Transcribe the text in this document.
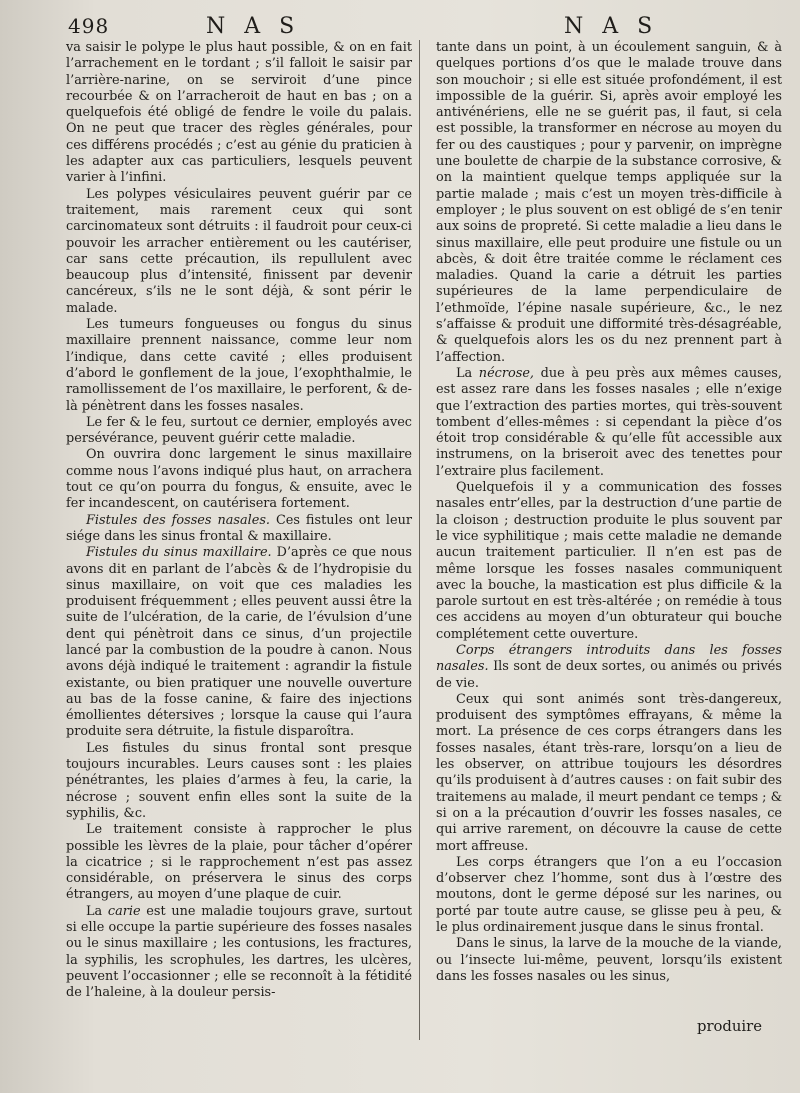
498	N A S	N A S

va saisir le polype le plus haut possible, & on en fait l’arrachement en le tordant ; s’il falloit le saisir par l’arrière-narine, on se serviroit d’une pince recourbée & on l’arracheroit de haut en bas ; on a quelquefois été obligé de fendre le voile du palais. On ne peut que tracer des règles générales, pour ces différens procédés ; c’est au génie du praticien à les adapter aux cas particuliers, lesquels peuvent varier à l’infini.

Les polypes vésiculaires peuvent guérir par ce traitement, mais rarement ceux qui sont carcinomateux sont détruits : il faudroit pour ceux-ci pouvoir les arracher entièrement ou les cautériser, car sans cette précaution, ils repullulent avec beaucoup plus d’intensité, finissent par devenir cancéreux, s’ils ne le sont déjà, & sont périr le malade.

Les tumeurs fongueuses ou fongus du sinus maxillaire prennent naissance, comme leur nom l’indique, dans cette cavité ; elles produisent d’abord le gonflement de la joue, l’exophthalmie, le ramollissement de l’os maxillaire, le perforent, & de-là pénètrent dans les fosses nasales.

Le fer & le feu, surtout ce dernier, employés avec persévérance, peuvent guérir cette maladie.

On ouvrira donc largement le sinus maxillaire comme nous l’avons indiqué plus haut, on arrachera tout ce qu’on pourra du fongus, & ensuite, avec le fer incandescent, on cautérisera fortement.

Fistules des fosses nasales. Ces fistules ont leur siége dans les sinus frontal & maxillaire.

Fistules du sinus maxillaire. D’après ce que nous avons dit en parlant de l’abcès & de l’hydropisie du sinus maxillaire, on voit que ces maladies les produisent fréquemment ; elles peuvent aussi être la suite de l’ulcération, de la carie, de l’évulsion d’une dent qui pénètroit dans ce sinus, d’un projectile lancé par la combustion de la poudre à canon. Nous avons déjà indiqué le traitement : agrandir la fistule existante, ou bien pratiquer une nouvelle ouverture au bas de la fosse canine, & faire des injections émollientes détersives ; lorsque la cause qui l’aura produite sera détruite, la fistule disparoîtra.

Les fistules du sinus frontal sont presque toujours incurables. Leurs causes sont : les plaies pénétrantes, les plaies d’armes à feu, la carie, la nécrose ; souvent enfin elles sont la suite de la syphilis, &c.

Le traitement consiste à rapprocher le plus possible les lèvres de la plaie, pour tâcher d’opérer la cicatrice ; si le rapprochement n’est pas assez considérable, on préservera le sinus des corps étrangers, au moyen d’une plaque de cuir.

La carie est une maladie toujours grave, surtout si elle occupe la partie supérieure des fosses nasales ou le sinus maxillaire ; les contusions, les fractures, la syphilis, les scrophules, les dartres, les ulcères, peuvent l’occasionner ; elle se reconnoît à la fétidité de l’haleine, à la douleur persis-

tante dans un point, à un écoulement sanguin, & à quelques portions d’os que le malade trouve dans son mouchoir ; si elle est située profondément, il est impossible de la guérir. Si, après avoir employé les antivénériens, elle ne se guérit pas, il faut, si cela est possible, la transformer en nécrose au moyen du fer ou des caustiques ; pour y parvenir, on imprègne une boulette de charpie de la substance corrosive, & on la maintient quelque temps appliquée sur la partie malade ; mais c’est un moyen très-difficile à employer ; le plus souvent on est obligé de s’en tenir aux soins de propreté. Si cette maladie a lieu dans le sinus maxillaire, elle peut produire une fistule ou un abcès, & doit être traitée comme le réclament ces maladies. Quand la carie a détruit les parties supérieures de la lame perpendiculaire de l’ethmoïde, l’épine nasale supérieure, &c., le nez s’affaisse & produit une difformité très-désagréable, & quelquefois alors les os du nez prennent part à l’affection.

La nécrose, due à peu près aux mêmes causes, est assez rare dans les fosses nasales ; elle n’exige que l’extraction des parties mortes, qui très-souvent tombent d’elles-mêmes : si cependant la pièce d’os étoit trop considérable & qu’elle fût accessible aux instrumens, on la briseroit avec des tenettes pour l’extraire plus facilement.

Quelquefois il y a communication des fosses nasales entr’elles, par la destruction d’une partie de la cloison ; destruction produite le plus souvent par le vice syphilitique ; mais cette maladie ne demande aucun traitement particulier. Il n’en est pas de même lorsque les fosses nasales communiquent avec la bouche, la mastication est plus difficile & la parole surtout en est très-altérée ; on remédie à tous ces accidens au moyen d’un obturateur qui bouche complétement cette ouverture.

Corps étrangers introduits dans les fosses nasales. Ils sont de deux sortes, ou animés ou privés de vie.

Ceux qui sont animés sont très-dangereux, produisent des symptômes effrayans, & même la mort. La présence de ces corps étrangers dans les fosses nasales, étant très-rare, lorsqu’on a lieu de les observer, on attribue toujours les désordres qu’ils produisent à d’autres causes : on fait subir des traitemens au malade, il meurt pendant ce temps ; & si on a la précaution d’ouvrir les fosses nasales, ce qui arrive rarement, on découvre la cause de cette mort affreuse.

Les corps étrangers que l’on a eu l’occasion d’observer chez l’homme, sont dus à l’œstre des moutons, dont le germe déposé sur les narines, ou porté par toute autre cause, se glisse peu à peu, & le plus ordinairement jusque dans le sinus frontal.

Dans le sinus, la larve de la mouche de la viande, ou l’insecte lui-même, peuvent, lorsqu’ils existent dans les fosses nasales ou les sinus,

produire
